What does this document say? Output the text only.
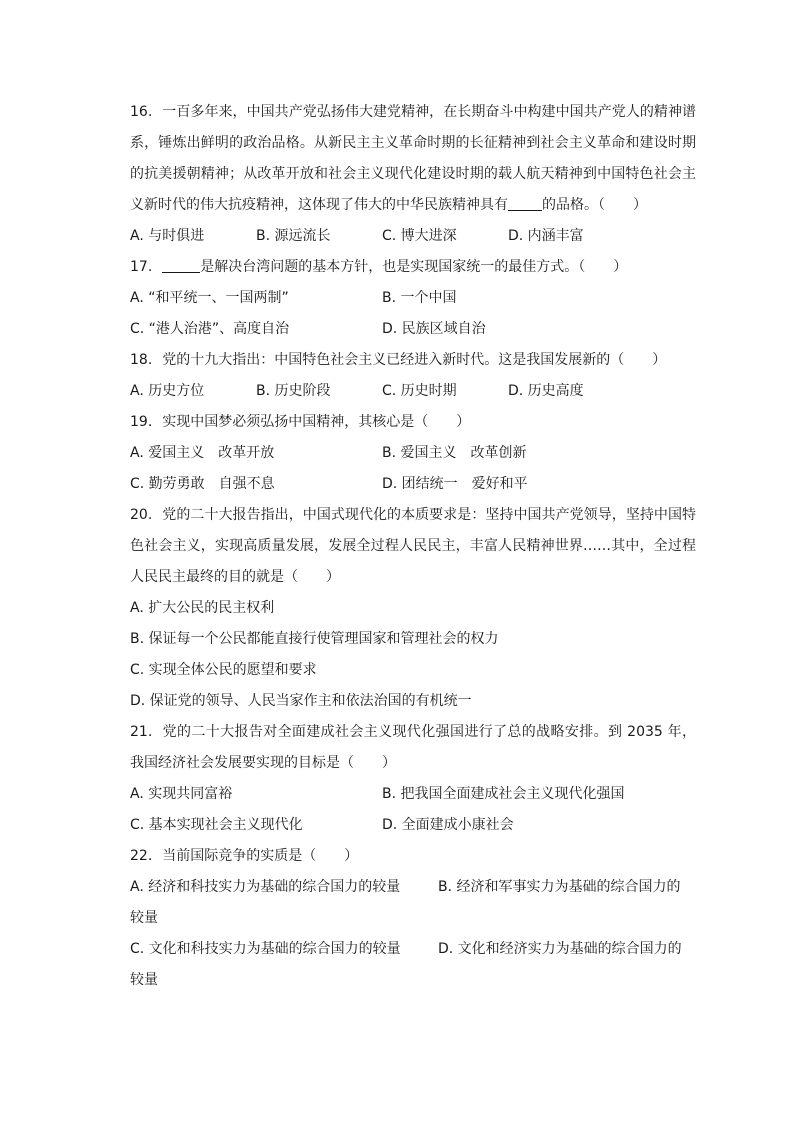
16. 一百多年来，中国共产党弘扬伟大建党精神，在长期奋斗中构建中国共产党人的精神谱系，锤炼出鲜明的政治品格。从新民主主义革命时期的长征精神到社会主义革命和建设时期的抗美援朝精神；从改革开放和社会主义现代化建设时期的载人航天精神到中国特色社会主义新时代的伟大抗疫精神，这体现了伟大的中华民族精神具有 的品格。（　　）
A. 与时俱进	B. 源远流长	C. 博大进深	D. 内涵丰富
17.	是解决台湾问题的基本方针，也是实现国家统一的最佳方式。（　　）
A. “和平统一、一国两制”	B. 一个中国
C. “港人治港”、高度自治	D. 民族区域自治
18. 党的十九大指出：中国特色社会主义已经进入新时代。这是我国发展新的（　　）
A. 历史方位	B. 历史阶段	C. 历史时期	D. 历史高度
19. 实现中国梦必须弘扬中国精神，其核心是（　　）
A. 爱国主义　改革开放	B. 爱国主义　改革创新
C. 勤劳勇敢　自强不息	D. 团结统一　爱好和平
20. 党的二十大报告指出，中国式现代化的本质要求是：坚持中国共产党领导，坚持中国特色社会主义，实现高质量发展，发展全过程人民民主，丰富人民精神世界……其中，全过程人民民主最终的目的就是（　　）
A. 扩大公民的民主权利
B. 保证每一个公民都能直接行使管理国家和管理社会的权力
C. 实现全体公民的愿望和要求
D. 保证党的领导、人民当家作主和依法治国的有机统一
21. 党的二十大报告对全面建成社会主义现代化强国进行了总的战略安排。到 2035 年，我国经济社会发展要实现的目标是（　　）
A. 实现共同富裕	B. 把我国全面建成社会主义现代化强国
C. 基本实现社会主义现代化	D. 全面建成小康社会
22. 当前国际竞争的实质是（　　）
A. 经济和科技实力为基础的综合国力的较量	B. 经济和军事实力为基础的综合国力的
较量
C. 文化和科技实力为基础的综合国力的较量	D. 文化和经济实力为基础的综合国力的
较量
